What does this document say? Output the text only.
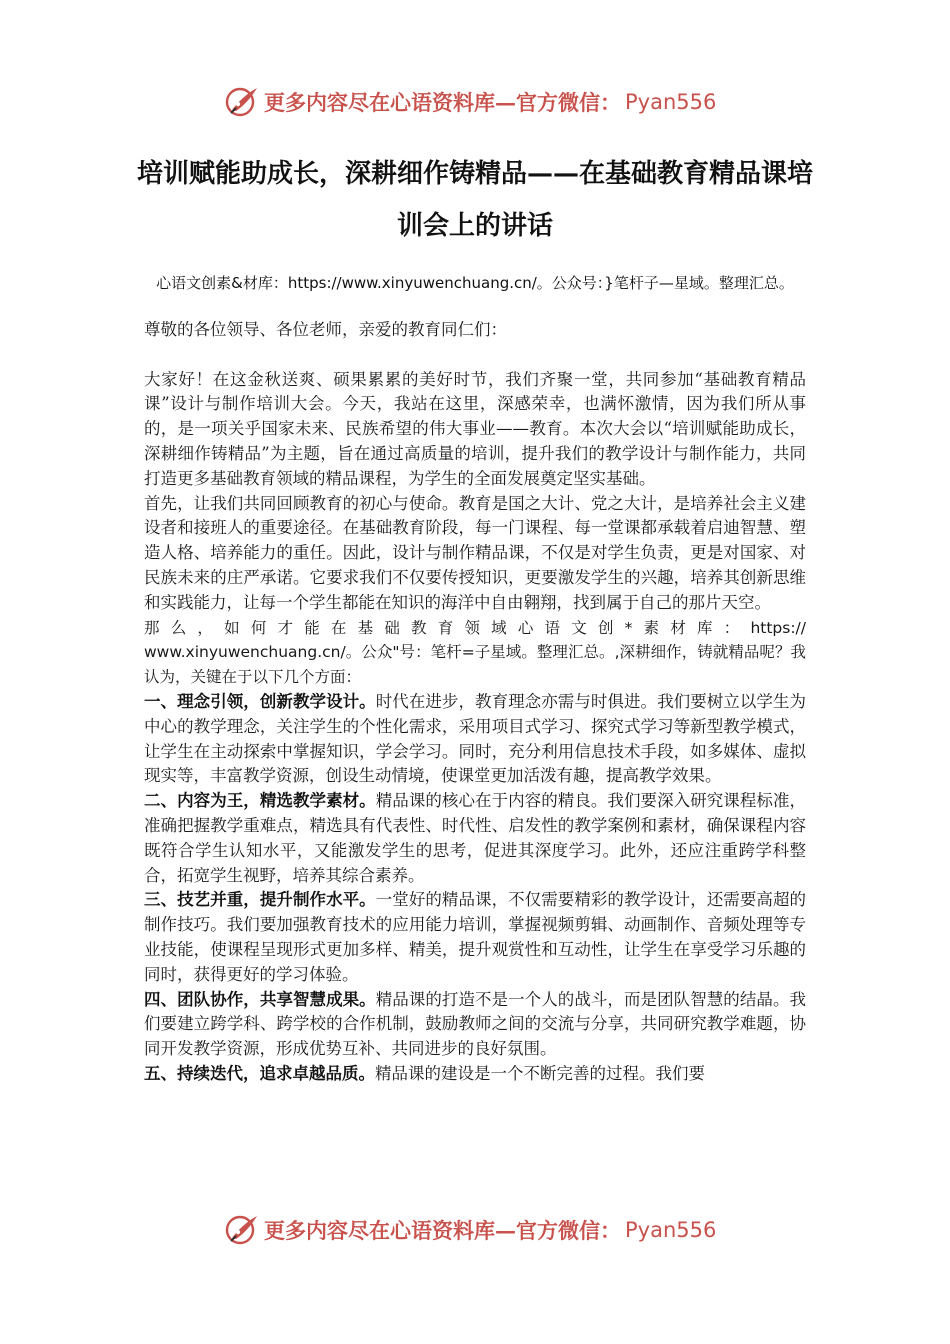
更多内容尽在心语资料库—官方微信： Pyan556
培训赋能助成长，深耕细作铸精品——在基础教育精品课培训会上的讲话
心语文创素&材库：https://www.xinyuwenchuang.cn/。公众号：}笔杆子—星域。整理汇总。

尊敬的各位领导、各位老师，亲爱的教育同仁们：

大家好！在这金秋送爽、硕果累累的美好时节，我们齐聚一堂，共同参加“基础教育精品课”设计与制作培训大会。今天，我站在这里，深感荣幸，也满怀激情，因为我们所从事的，是一项关乎国家未来、民族希望的伟大事业——教育。本次大会以“培训赋能助成长，深耕细作铸精品”为主题，旨在通过高质量的培训，提升我们的教学设计与制作能力，共同打造更多基础教育领域的精品课程，为学生的全面发展奠定坚实基础。

首先，让我们共同回顾教育的初心与使命。教育是国之大计、党之大计，是培养社会主义建设者和接班人的重要途径。在基础教育阶段，每一门课程、每一堂课都承载着启迪智慧、塑造人格、培养能力的重任。因此，设计与制作精品课，不仅是对学生负责，更是对国家、对民族未来的庄严承诺。它要求我们不仅要传授知识，更要激发学生的兴趣，培养其创新思维和实践能力，让每一个学生都能在知识的海洋中自由翱翔，找到属于自己的那片天空。

那么，如何才能在基础教育领域心语文创*素材库：https://
www.xinyuwenchuang.cn/。公众"号：笔杆=子星域。整理汇总。,深耕细作，铸就精品呢？我认为，关键在于以下几个方面：

一、理念引领，创新教学设计。时代在进步，教育理念亦需与时俱进。我们要树立以学生为中心的教学理念，关注学生的个性化需求，采用项目式学习、探究式学习等新型教学模式，让学生在主动探索中掌握知识，学会学习。同时，充分利用信息技术手段，如多媒体、虚拟现实等，丰富教学资源，创设生动情境，使课堂更加活泼有趣，提高教学效果。

二、内容为王，精选教学素材。精品课的核心在于内容的精良。我们要深入研究课程标准，准确把握教学重难点，精选具有代表性、时代性、启发性的教学案例和素材，确保课程内容既符合学生认知水平，又能激发学生的思考，促进其深度学习。此外，还应注重跨学科整合，拓宽学生视野，培养其综合素养。

三、技艺并重，提升制作水平。一堂好的精品课，不仅需要精彩的教学设计，还需要高超的制作技巧。我们要加强教育技术的应用能力培训，掌握视频剪辑、动画制作、音频处理等专业技能，使课程呈现形式更加多样、精美，提升观赏性和互动性，让学生在享受学习乐趣的同时，获得更好的学习体验。

四、团队协作，共享智慧成果。精品课的打造不是一个人的战斗，而是团队智慧的结晶。我们要建立跨学科、跨学校的合作机制，鼓励教师之间的交流与分享，共同研究教学难题，协同开发教学资源，形成优势互补、共同进步的良好氛围。

五、持续迭代，追求卓越品质。精品课的建设是一个不断完善的过程。我们要

更多内容尽在心语资料库—官方微信： Pyan556
